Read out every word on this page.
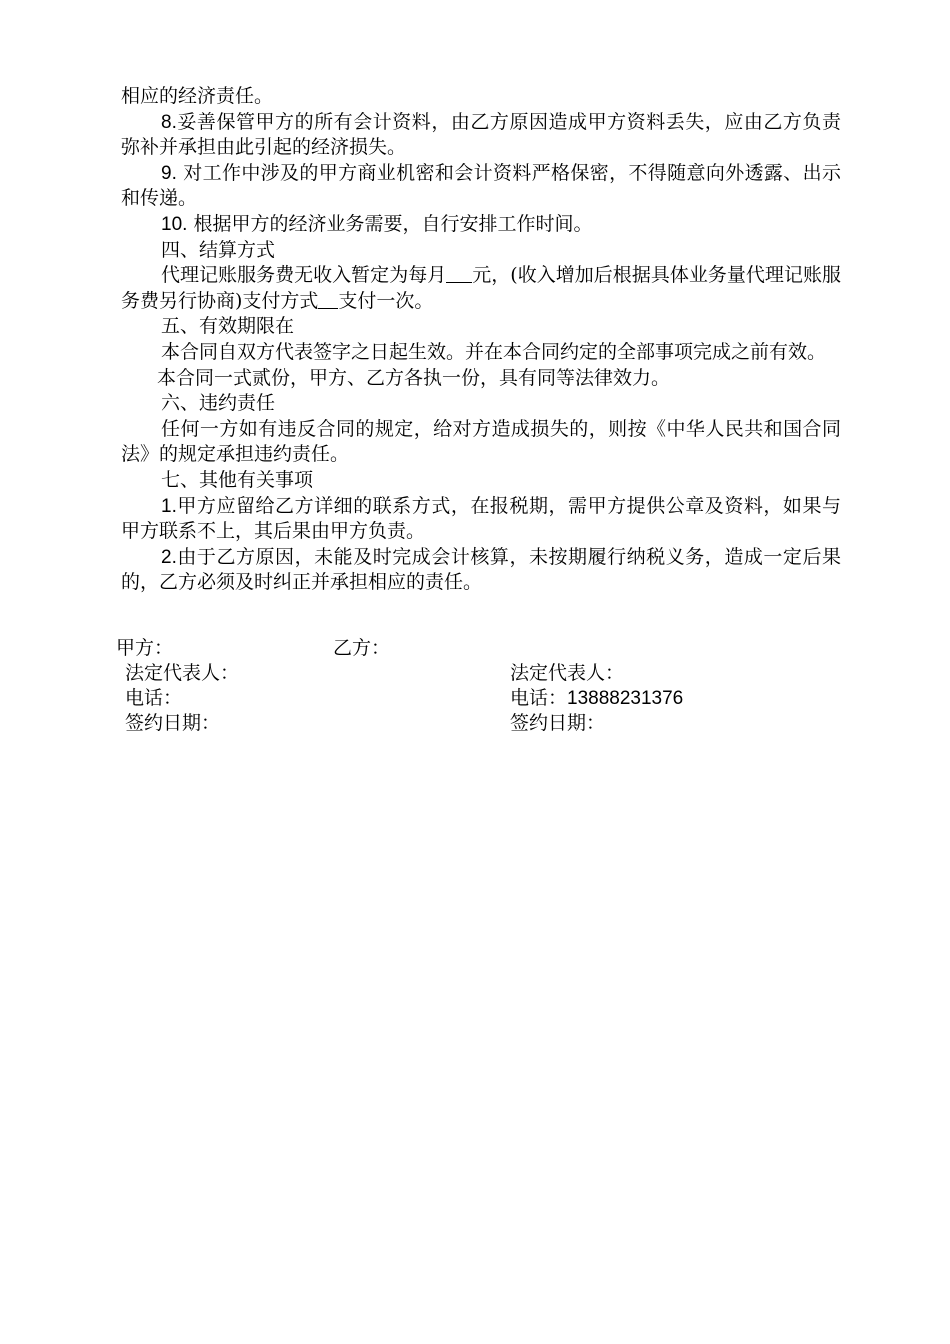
相应的经济责任。

8.妥善保管甲方的所有会计资料，由乙方原因造成甲方资料丢失，应由乙方负责弥补并承担由此引起的经济损失。

9. 对工作中涉及的甲方商业机密和会计资料严格保密，不得随意向外透露、出示和传递。

10. 根据甲方的经济业务需要，自行安排工作时间。

四、结算方式

代理记账服务费无收入暂定为每月 元，(收入增加后根据具体业务量代理记账服务费另行协商)支付方式 支付一次。

五、有效期限在

本合同自双方代表签字之日起生效。并在本合同约定的全部事项完成之前有效。

本合同一式贰份，甲方、乙方各执一份，具有同等法律效力。

六、违约责任

任何一方如有违反合同的规定，给对方造成损失的，则按《中华人民共和国合同法》的规定承担违约责任。

七、其他有关事项

1.甲方应留给乙方详细的联系方式，在报税期，需甲方提供公章及资料，如果与甲方联系不上，其后果由甲方负责。

2.由于乙方原因，未能及时完成会计核算，未按期履行纳税义务，造成一定后果的，乙方必须及时纠正并承担相应的责任。

甲方：	乙方：
法定代表人：	法定代表人：
电话：	电话：13888231376
签约日期：	签约日期：
